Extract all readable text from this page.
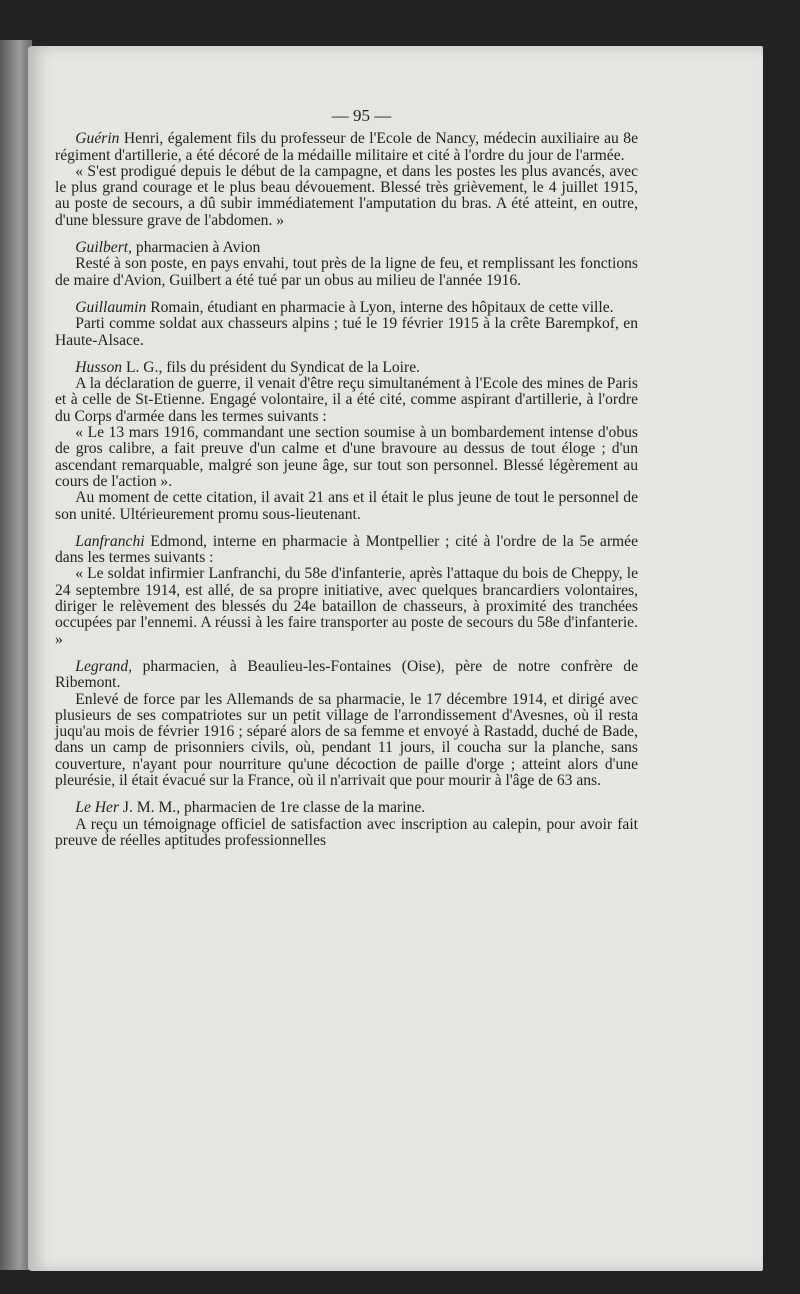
— 95 —

Guérin Henri, également fils du professeur de l'Ecole de Nancy, médecin auxiliaire au 8e régiment d'artillerie, a été décoré de la médaille militaire et cité à l'ordre du jour de l'armée.

« S'est prodigué depuis le début de la campagne, et dans les postes les plus avancés, avec le plus grand courage et le plus beau dévouement. Blessé très grièvement, le 4 juillet 1915, au poste de secours, a dû subir immédiatement l'amputation du bras. A été atteint, en outre, d'une blessure grave de l'abdomen. »

Guilbert, pharmacien à Avion

Resté à son poste, en pays envahi, tout près de la ligne de feu, et remplissant les fonctions de maire d'Avion, Guilbert a été tué par un obus au milieu de l'année 1916.

Guillaumin Romain, étudiant en pharmacie à Lyon, interne des hôpitaux de cette ville.

Parti comme soldat aux chasseurs alpins ; tué le 19 février 1915 à la crête Barempkof, en Haute-Alsace.

Husson L. G., fils du président du Syndicat de la Loire.

A la déclaration de guerre, il venait d'être reçu simultanément à l'Ecole des mines de Paris et à celle de St-Etienne. Engagé volontaire, il a été cité, comme aspirant d'artillerie, à l'ordre du Corps d'armée dans les termes suivants :

« Le 13 mars 1916, commandant une section soumise à un bombardement intense d'obus de gros calibre, a fait preuve d'un calme et d'une bravoure au dessus de tout éloge ; d'un ascendant remarquable, malgré son jeune âge, sur tout son personnel. Blessé légèrement au cours de l'action ».

Au moment de cette citation, il avait 21 ans et il était le plus jeune de tout le personnel de son unité. Ultérieurement promu sous-lieutenant.

Lanfranchi Edmond, interne en pharmacie à Montpellier ; cité à l'ordre de la 5e armée dans les termes suivants :

« Le soldat infirmier Lanfranchi, du 58e d'infanterie, après l'attaque du bois de Cheppy, le 24 septembre 1914, est allé, de sa propre initiative, avec quelques brancardiers volontaires, diriger le relèvement des blessés du 24e bataillon de chasseurs, à proximité des tranchées occupées par l'ennemi. A réussi à les faire transporter au poste de secours du 58e d'infanterie. »

Legrand, pharmacien, à Beaulieu-les-Fontaines (Oise), père de notre confrère de Ribemont.

Enlevé de force par les Allemands de sa pharmacie, le 17 décembre 1914, et dirigé avec plusieurs de ses compatriotes sur un petit village de l'arrondissement d'Avesnes, où il resta juqu'au mois de février 1916 ; séparé alors de sa femme et envoyé à Rastadd, duché de Bade, dans un camp de prisonniers civils, où, pendant 11 jours, il coucha sur la planche, sans couverture, n'ayant pour nourriture qu'une décoction de paille d'orge ; atteint alors d'une pleurésie, il était évacué sur la France, où il n'arrivait que pour mourir à l'âge de 63 ans.

Le Her J. M. M., pharmacien de 1re classe de la marine.

A reçu un témoignage officiel de satisfaction avec inscription au calepin, pour avoir fait preuve de réelles aptitudes professionnelles
